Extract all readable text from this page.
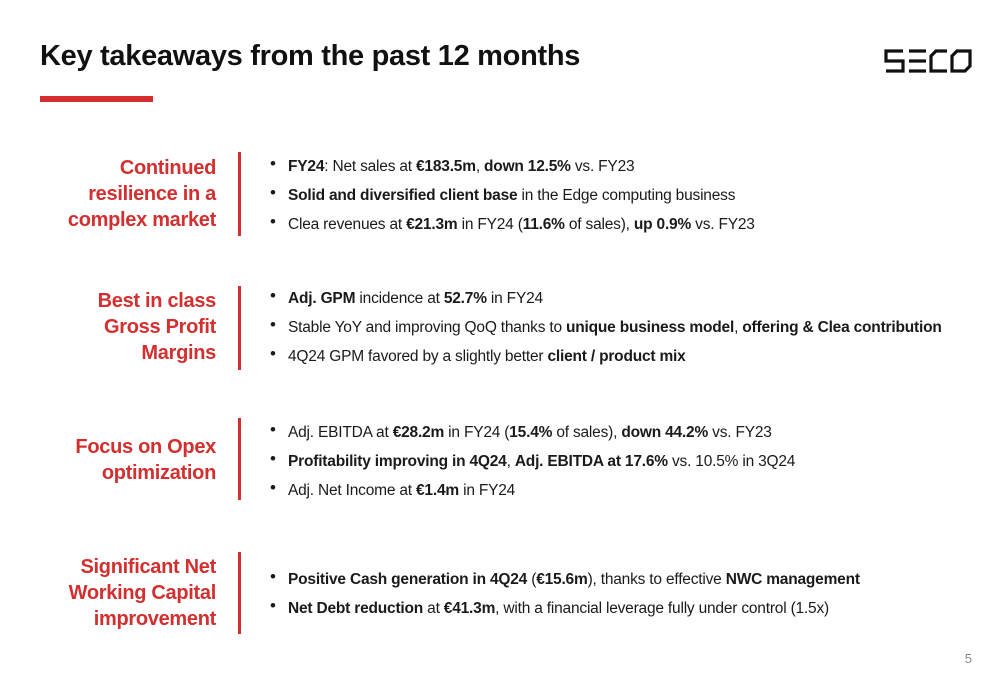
Key takeaways from the past 12 months
Continued
resilience in a
complex market
• FY24: Net sales at €183.5m, down 12.5% vs. FY23
• Solid and diversified client base in the Edge computing business
• Clea revenues at €21.3m in FY24 (11.6% of sales), up 0.9% vs. FY23
Best in class
Gross Profit
Margins
• Adj. GPM incidence at 52.7% in FY24
• Stable YoY and improving QoQ thanks to unique business model, offering & Clea contribution
• 4Q24 GPM favored by a slightly better client / product mix
Focus on Opex
optimization
• Adj. EBITDA at €28.2m in FY24 (15.4% of sales), down 44.2% vs. FY23
• Profitability improving in 4Q24, Adj. EBITDA at 17.6% vs. 10.5% in 3Q24
• Adj. Net Income at €1.4m in FY24
Significant Net
Working Capital
improvement
• Positive Cash generation in 4Q24 (€15.6m), thanks to effective NWC management
• Net Debt reduction at €41.3m, with a financial leverage fully under control (1.5x)
5
